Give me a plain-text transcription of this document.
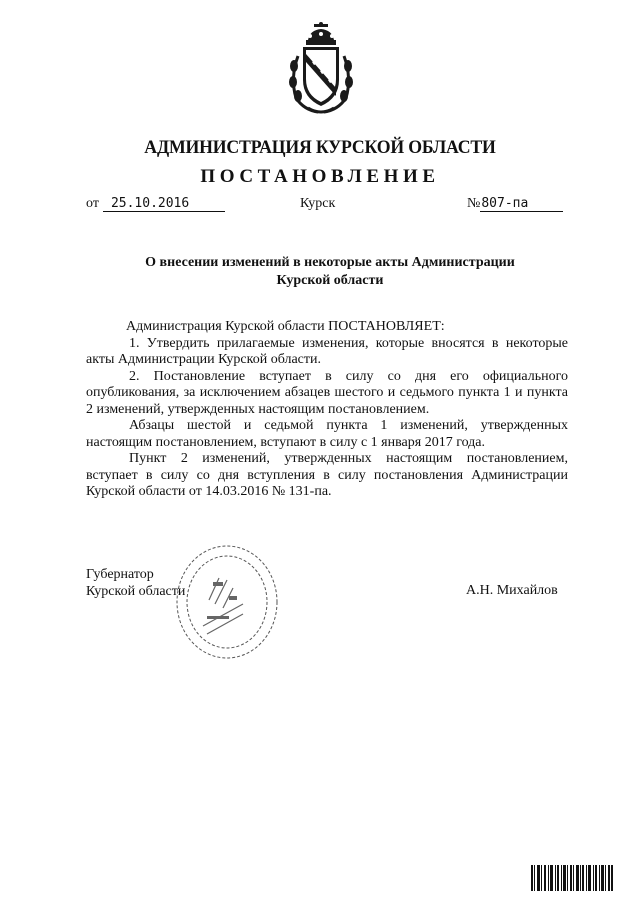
АДМИНИСТРАЦИЯ КУРСКОЙ ОБЛАСТИ
ПОСТАНОВЛЕНИЕ
от 25.10.2016	Курск	№807-па
О внесении изменений в некоторые акты Администрации
Курской области

Администрация Курской области ПОСТАНОВЛЯЕТ:

1. Утвердить прилагаемые изменения, которые вносятся в некоторые акты Администрации Курской области.

2. Постановление вступает в силу со дня его официального опубликования, за исключением абзацев шестого и седьмого пункта 1 и пункта 2 изменений, утвержденных настоящим постановлением.

Абзацы шестой и седьмой пункта 1 изменений, утвержденных настоящим постановлением, вступают в силу с 1 января 2017 года.

Пункт 2 изменений, утвержденных настоящим постановлением, вступает в силу со дня вступления в силу постановления Администрации Курской области от 14.03.2016 № 131-па.

Губернатор
Курской области	А.Н. Михайлов
